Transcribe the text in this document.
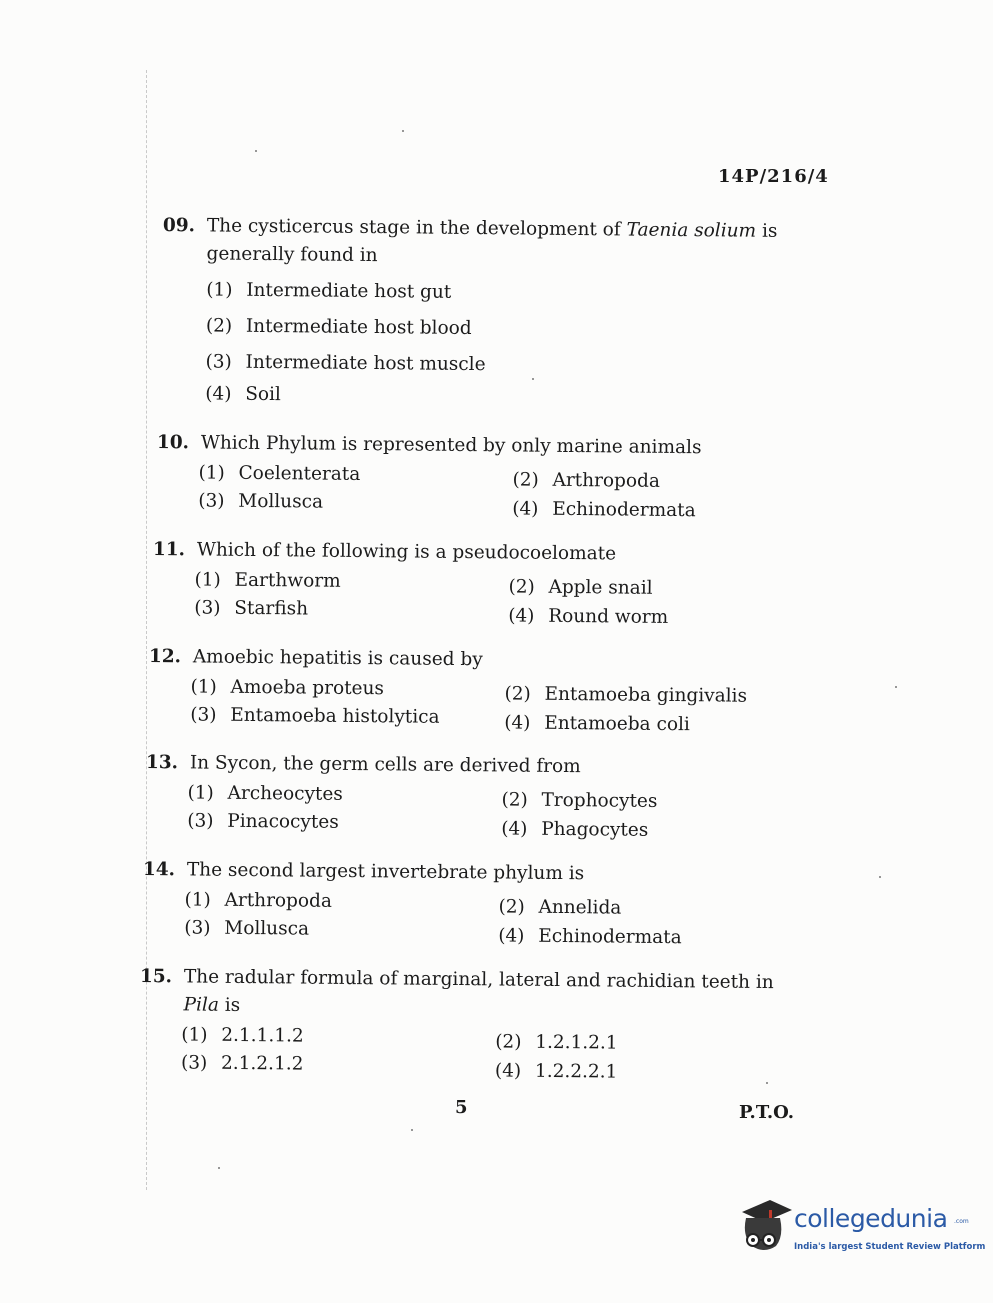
14P/216/4
09. The cysticercus stage in the development of Taenia solium is generally found in
(1) Intermediate host gut
(2) Intermediate host blood
(3) Intermediate host muscle
(4) Soil
10. Which Phylum is represented by only marine animals
(1) Coelenterata	(2) Arthropoda
(3) Mollusca	(4) Echinodermata
11. Which of the following is a pseudocoelomate
(1) Earthworm	(2) Apple snail
(3) Starfish	(4) Round worm
12. Amoebic hepatitis is caused by
(1) Amoeba proteus	(2) Entamoeba gingivalis
(3) Entamoeba histolytica	(4) Entamoeba coli
13. In Sycon, the germ cells are derived from
(1) Archeocytes	(2) Trophocytes
(3) Pinacocytes	(4) Phagocytes
14. The second largest invertebrate phylum is
(1) Arthropoda	(2) Annelida
(3) Mollusca	(4) Echinodermata
15. The radular formula of marginal, lateral and rachidian teeth in Pila is
(1) 2.1.1.1.2	(2) 1.2.1.2.1
(3) 2.1.2.1.2	(4) 1.2.2.2.1
5	P.T.O.
collegedunia .com
India's largest Student Review Platform
